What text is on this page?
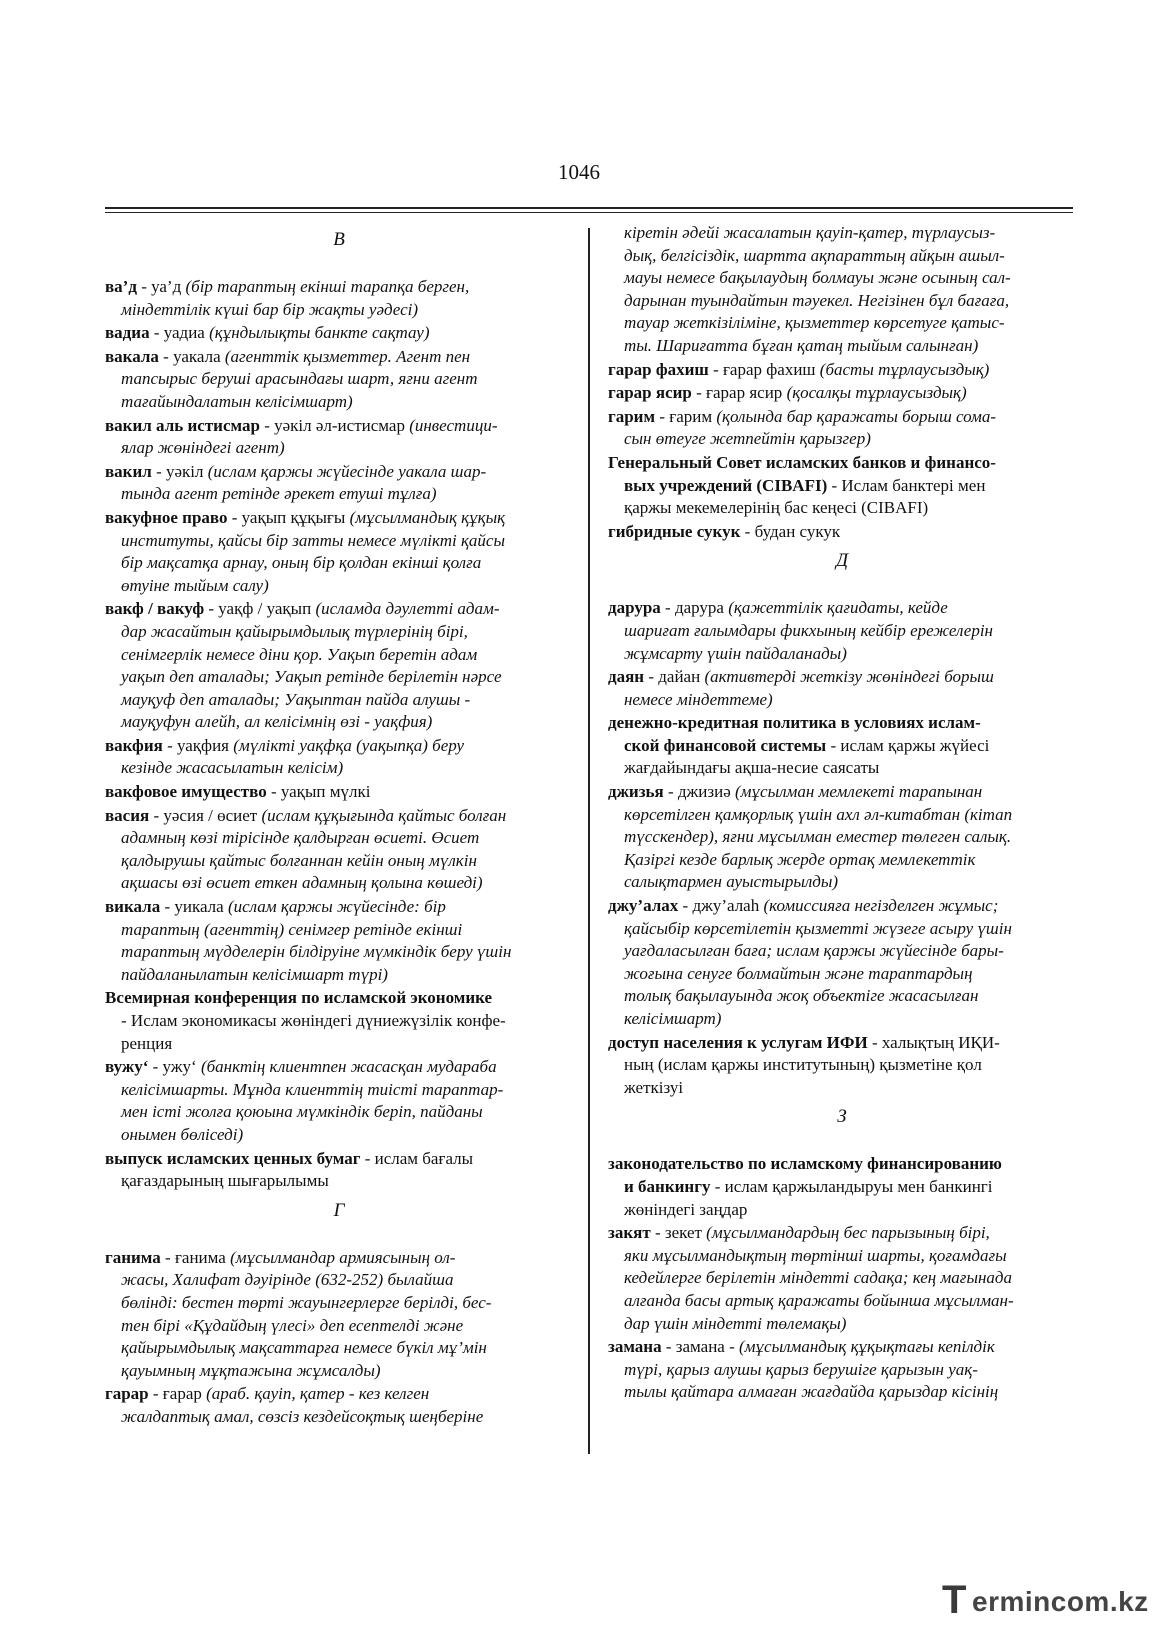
1046
В

ва’д - уа’д (бір тараптың екінші тарапқа берген,

міндеттілік күші бар бір жақты уәдесі)

вадиа - уадиа (құндылықты банкте сақтау)

вакала - уакала (агенттік қызметтер. Агент пен

тапсырыс беруші арасындағы шарт, яғни агент

тағайындалатын келісімшарт)

вакил аль истисмар - уәкіл әл-истисмар (инвестици-

ялар жөніндегі агент)

вакил - уәкіл (ислам қаржы жүйесінде уакала шар-

тында агент ретінде әрекет етуші тұлға)

вакуфное право - уақып құқығы (мұсылмандық құқық

институты, қайсы бір затты немесе мүлікті қайсы

бір мақсатқа арнау, оның бір қолдан екінші қолға

өтуіне тыйым салу)

вакф / вакуф - уақф / уақып (исламда дәулетті адам-

дар жасайтын қайырымдылық түрлерінің бірі,

сенімгерлік немесе діни қор. Уақып беретін адам

уақып деп аталады; Уақып ретінде берілетін нәрсе

мауқуф деп аталады; Уақыптан пайда алушы -

мауқуфун алейһ, ал келісімнің өзі - уақфия)

вакфия - уақфия (мүлікті уақфқа (уақыпқа) беру

кезінде жасасылатын келісім)

вакфовое имущество - уақып мүлкі

васия - уәсия / өсиет (ислам құқығында қайтыс болған

адамның көзі тірісінде қалдырған өсиеті. Өсиет

қалдырушы қайтыс болғаннан кейін оның мүлкін

ақшасы өзі өсиет еткен адамның қолына көшеді)

викала - уикала (ислам қаржы жүйесінде: бір

тараптың (агенттің) сенімгер ретінде екінші

тараптың мүдделерін білдіруіне мүмкіндік беру үшін

пайдаланылатын келісімшарт түрі)

Всемирная конференция по исламской экономике

- Ислам экономикасы жөніндегі дүниежүзілік конфе-

ренция

вужу‘ - ужу‘ (банктің клиентпен жасасқан мудараба

келісімшарты. Мұнда клиенттің тиісті тараптар-

мен істі жолға қоюына мүмкіндік беріп, пайданы

онымен бөліседі)

выпуск исламских ценных бумаг - ислам бағалы

қағаздарының шығарылымы

Г

ганима - ғанима (мұсылмандар армиясының ол-

жасы, Халифат дәуірінде (632-252) былайша

бөлінді: бестен төрті жауынгерлерге берілді, бес-

тен бірі «Құдайдың үлесі» деп есептелді және

қайырымдылық мақсаттарға немесе бүкіл мұ’мін

қауымның мұқтажына жұмсалды)

гарар - ғарар (араб. қауіп, қатер - кез келген

жалдаптық амал, сөзсіз кездейсоқтық шеңберіне

кіретін әдейі жасалатын қауіп-қатер, түрлаусыз-

дық, белгісіздік, шартта ақпараттың айқын ашыл-

мауы немесе бақылаудың болмауы және осының сал-

дарынан туындайтын тәуекел. Негізінен бұл бағаға,

тауар жеткізіліміне, қызметтер көрсетуге қатыс-

ты. Шариғатта бұған қатаң тыйым салынған)

гарар фахиш - ғарар фахиш (басты тұрлаусыздық)

гарар ясир - ғарар ясир (қосалқы тұрлаусыздық)

гарим - ғарим (қолында бар қаражаты борыш сома-

сын өтеуге жетпейтін қарызгер)

Генеральный Совет исламских банков и финансо-

вых учреждений (CIBAFI) - Ислам банктері мен

қаржы мекемелерінің бас кеңесі (CIBAFI)

гибридные сукук - будан сукук

Д

дарура - дарура (қажеттілік қағидаты, кейде

шариғат ғалымдары фикхының кейбір ережелерін

жұмсарту үшін пайдаланады)

даян - дайан (активтерді жеткізу жөніндегі борыш

немесе міндеттеме)

денежно-кредитная политика в условиях ислам-

ской финансовой системы - ислам қаржы жүйесі

жағдайындағы ақша-несие саясаты

джизья - джизиә (мұсылман мемлекеті тарапынан

көрсетілген қамқорлық үшін ахл әл-китабтан (кітап

түсскендер), яғни мұсылман еместер төлеген салық.

Қазіргі кезде барлық жерде ортақ мемлекеттік

салықтармен ауыстырылды)

джу’алах - джу’алаһ (комиссияға негізделген жұмыс;

қайсыбір көрсетілетін қызметті жүзеге асыру үшін

уағдаласылған баға; ислам қаржы жүйесінде бары-

жоғына сенуге болмайтын және тараптардың

толық бақылауында жоқ объектіге жасасылған

келісімшарт)

доступ населения к услугам ИФИ - халықтың ИҚИ-

ның (ислам қаржы институтының) қызметіне қол

жеткізуі

З

законодательство по исламскому финансированию

и банкингу - ислам қаржыландыруы мен банкингі

жөніндегі заңдар

закят - зекет (мұсылмандардың бес парызының бірі,

яки мұсылмандықтың төртінші шарты, қоғамдағы

кедейлерге берілетін міндетті садақа; кең мағынада

алғанда басы артық қаражаты бойынша мұсылман-

дар үшін міндетті төлемақы)

замана - замана - (мұсылмандық құқықтағы кепілдік

түрі, қарыз алушы қарыз берушіге қарызын уақ-

тылы қайтара алмаған жағдайда қарыздар кісінің

T ermincom.kz
